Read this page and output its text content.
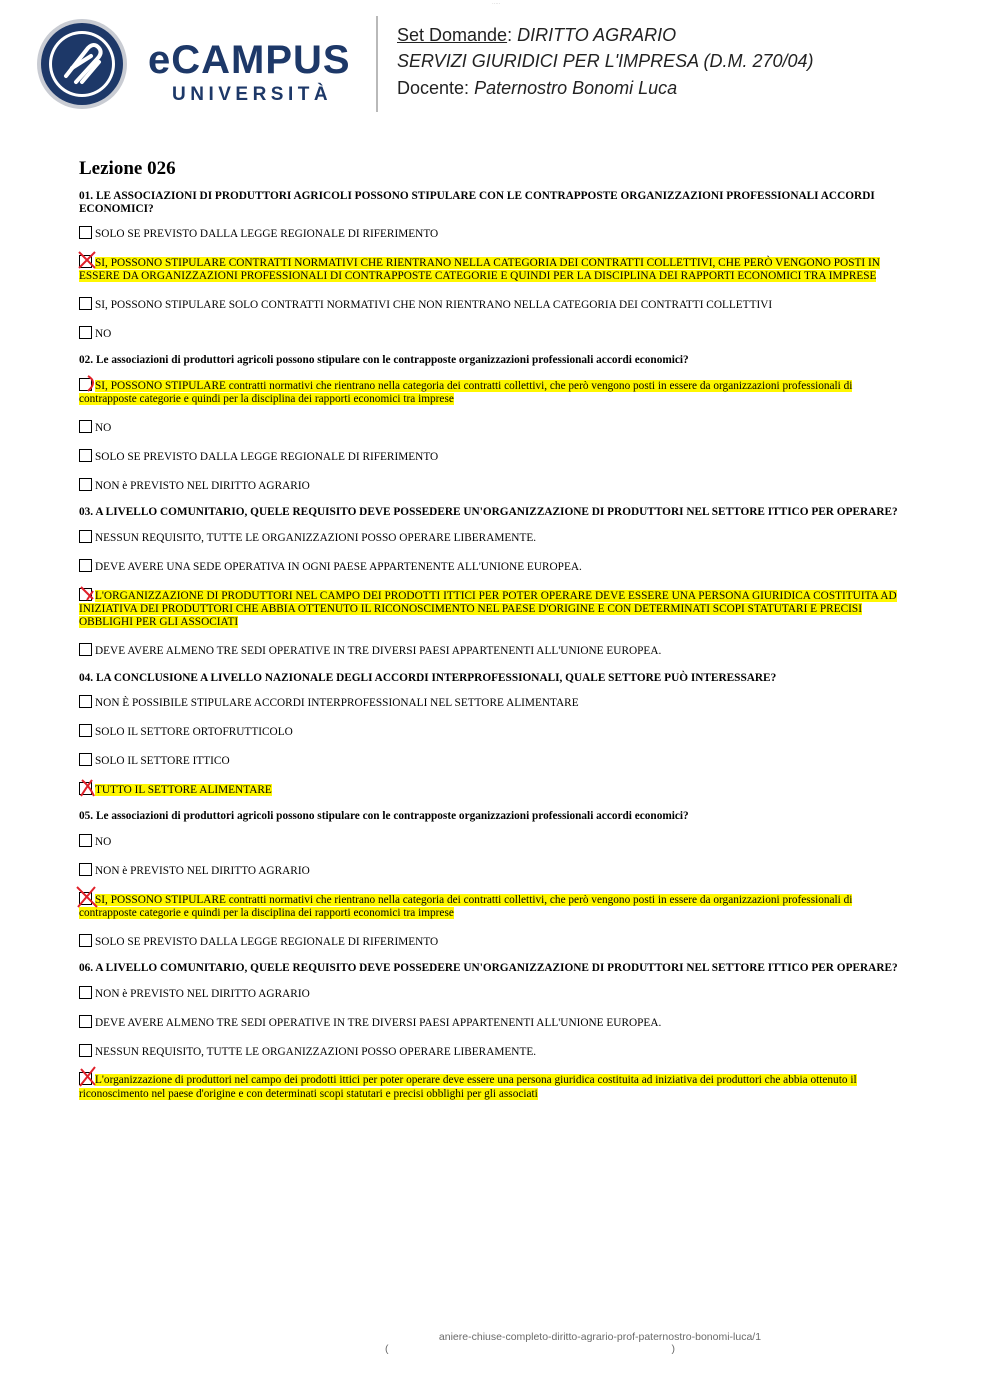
·····
eCAMPUS
UNIVERSITÀ
Set Domande: DIRITTO AGRARIO
SERVIZI GIURIDICI PER L'IMPRESA (D.M. 270/04)
Docente: Paternostro Bonomi Luca
Lezione 026
01. LE ASSOCIAZIONI DI PRODUTTORI AGRICOLI POSSONO STIPULARE CON LE CONTRAPPOSTE ORGANIZZAZIONI PROFESSIONALI ACCORDI ECONOMICI?
SOLO SE PREVISTO DALLA LEGGE REGIONALE DI RIFERIMENTO
SI, POSSONO STIPULARE CONTRATTI NORMATIVI CHE RIENTRANO NELLA CATEGORIA DEI CONTRATTI COLLETTIVI, CHE PERÒ VENGONO POSTI IN ESSERE DA ORGANIZZAZIONI PROFESSIONALI DI CONTRAPPOSTE CATEGORIE E QUINDI PER LA DISCIPLINA DEI RAPPORTI ECONOMICI TRA IMPRESE
SI, POSSONO STIPULARE SOLO CONTRATTI NORMATIVI CHE NON RIENTRANO NELLA CATEGORIA DEI CONTRATTI COLLETTIVI
NO
02. Le associazioni di produttori agricoli possono stipulare con le contrapposte organizzazioni professionali accordi economici?
SI, POSSONO STIPULARE contratti normativi che rientrano nella categoria dei contratti collettivi, che però vengono posti in essere da organizzazioni professionali di contrapposte categorie e quindi per la disciplina dei rapporti economici tra imprese
NO
SOLO SE PREVISTO DALLA LEGGE REGIONALE DI RIFERIMENTO
NON è PREVISTO NEL DIRITTO AGRARIO
03. A LIVELLO COMUNITARIO, QUELE REQUISITO DEVE POSSEDERE UN'ORGANIZZAZIONE DI PRODUTTORI NEL SETTORE ITTICO PER OPERARE?
NESSUN REQUISITO, TUTTE LE ORGANIZZAZIONI POSSO OPERARE LIBERAMENTE.
DEVE AVERE UNA SEDE OPERATIVA IN OGNI PAESE APPARTENENTE ALL'UNIONE EUROPEA.
L'ORGANIZZAZIONE DI PRODUTTORI NEL CAMPO DEI PRODOTTI ITTICI PER POTER OPERARE DEVE ESSERE UNA PERSONA GIURIDICA COSTITUITA AD INIZIATIVA DEI PRODUTTORI CHE ABBIA OTTENUTO IL RICONOSCIMENTO NEL PAESE D'ORIGINE E CON DETERMINATI SCOPI STATUTARI E PRECISI OBBLIGHI PER GLI ASSOCIATI
DEVE AVERE ALMENO TRE SEDI OPERATIVE IN TRE DIVERSI PAESI APPARTENENTI ALL'UNIONE EUROPEA.
04. LA CONCLUSIONE A LIVELLO NAZIONALE DEGLI ACCORDI INTERPROFESSIONALI, QUALE SETTORE PUÒ INTERESSARE?
NON È POSSIBILE STIPULARE ACCORDI INTERPROFESSIONALI NEL SETTORE ALIMENTARE
SOLO IL SETTORE ORTOFRUTTICOLO
SOLO IL SETTORE ITTICO
TUTTO IL SETTORE ALIMENTARE
05. Le associazioni di produttori agricoli possono stipulare con le contrapposte organizzazioni professionali accordi economici?
NO
NON è PREVISTO NEL DIRITTO AGRARIO
SI, POSSONO STIPULARE contratti normativi che rientrano nella categoria dei contratti collettivi, che però vengono posti in essere da organizzazioni professionali di contrapposte categorie e quindi per la disciplina dei rapporti economici tra imprese
SOLO SE PREVISTO DALLA LEGGE REGIONALE DI RIFERIMENTO
06. A LIVELLO COMUNITARIO, QUELE REQUISITO DEVE POSSEDERE UN'ORGANIZZAZIONE DI PRODUTTORI NEL SETTORE ITTICO PER OPERARE?
NON è PREVISTO NEL DIRITTO AGRARIO
DEVE AVERE ALMENO TRE SEDI OPERATIVE IN TRE DIVERSI PAESI APPARTENENTI ALL'UNIONE EUROPEA.
NESSUN REQUISITO, TUTTE LE ORGANIZZAZIONI POSSO OPERARE LIBERAMENTE.
L'organizzazione di produttori nel campo dei prodotti ittici per poter operare deve essere una persona giuridica costituita ad iniziativa dei produttori che abbia ottenuto il riconoscimento nel paese d'origine e con determinati scopi statutari e precisi obblighi per gli associati
aniere-chiuse-completo-diritto-agrario-prof-paternostro-bonomi-luca/1
( )
